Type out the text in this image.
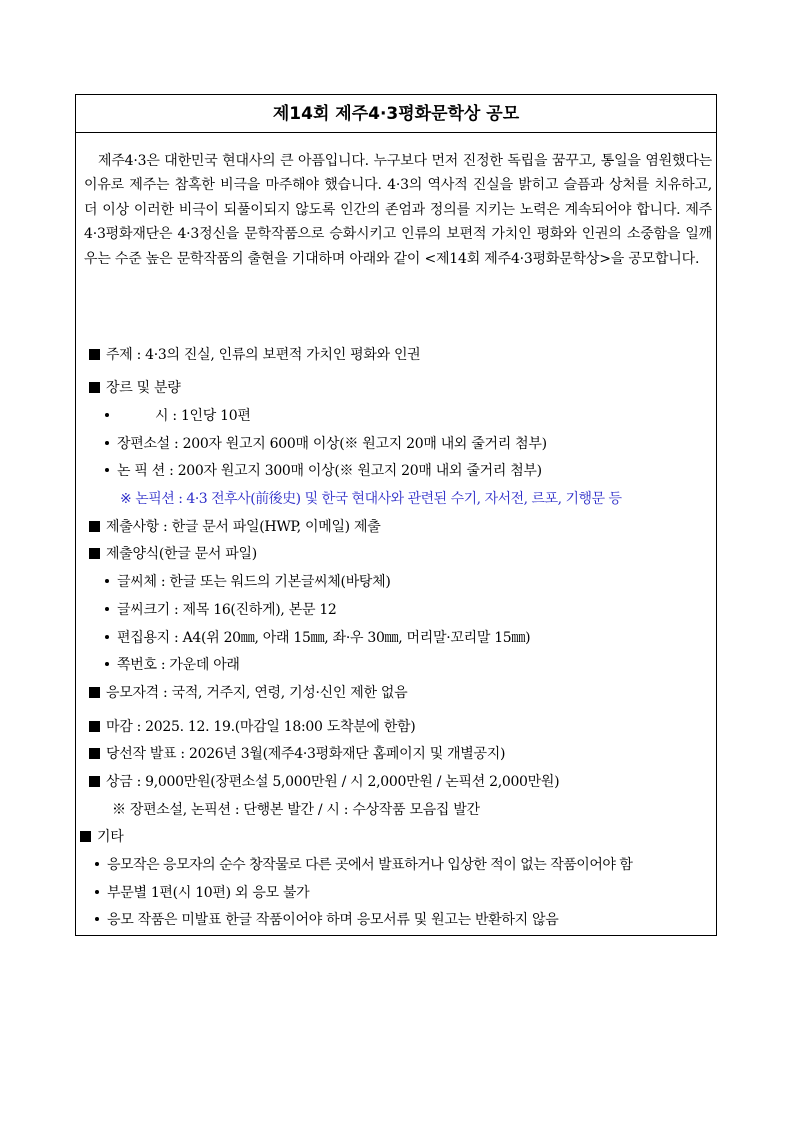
제14회 제주4·3평화문학상 공모
제주4·3은 대한민국 현대사의 큰 아픔입니다. 누구보다 먼저 진정한 독립을 꿈꾸고, 통일을 염원했다는 이유로 제주는 참혹한 비극을 마주해야 했습니다. 4·3의 역사적 진실을 밝히고 슬픔과 상처를 치유하고, 더 이상 이러한 비극이 되풀이되지 않도록 인간의 존엄과 정의를 지키는 노력은 계속되어야 합니다. 제주4·3평화재단은 4·3정신을 문학작품으로 승화시키고 인류의 보편적 가치인 평화와 인권의 소중함을 일깨우는 수준 높은 문학작품의 출현을 기대하며 아래와 같이 <제14회 제주4·3평화문학상>을 공모합니다.
주제 : 4·3의 진실, 인류의 보편적 가치인 평화와 인권
장르 및 분량
시 : 1인당 10편
장편소설 : 200자 원고지 600매 이상(※ 원고지 20매 내외 줄거리 첨부)
논 픽 션 : 200자 원고지 300매 이상(※ 원고지 20매 내외 줄거리 첨부)
※ 논픽션 : 4·3 전후사(前後史) 및 한국 현대사와 관련된 수기, 자서전, 르포, 기행문 등
제출사항 : 한글 문서 파일(HWP, 이메일) 제출
제출양식(한글 문서 파일)
글씨체 : 한글 또는 워드의 기본글씨체(바탕체)
글씨크기 : 제목 16(진하게), 본문 12
편집용지 : A4(위 20㎜, 아래 15㎜, 좌·우 30㎜, 머리말·꼬리말 15㎜)
쪽번호 : 가운데 아래
응모자격 : 국적, 거주지, 연령, 기성·신인 제한 없음
마감 : 2025. 12. 19.(마감일 18:00 도착분에 한함)
당선작 발표 : 2026년 3월(제주4·3평화재단 홈페이지 및 개별공지)
상금 : 9,000만원(장편소설 5,000만원 / 시 2,000만원 / 논픽션 2,000만원)
※ 장편소설, 논픽션 : 단행본 발간 / 시 : 수상작품 모음집 발간
기타
응모작은 응모자의 순수 창작물로 다른 곳에서 발표하거나 입상한 적이 없는 작품이어야 함
부문별 1편(시 10편) 외 응모 불가
응모 작품은 미발표 한글 작품이어야 하며 응모서류 및 원고는 반환하지 않음
